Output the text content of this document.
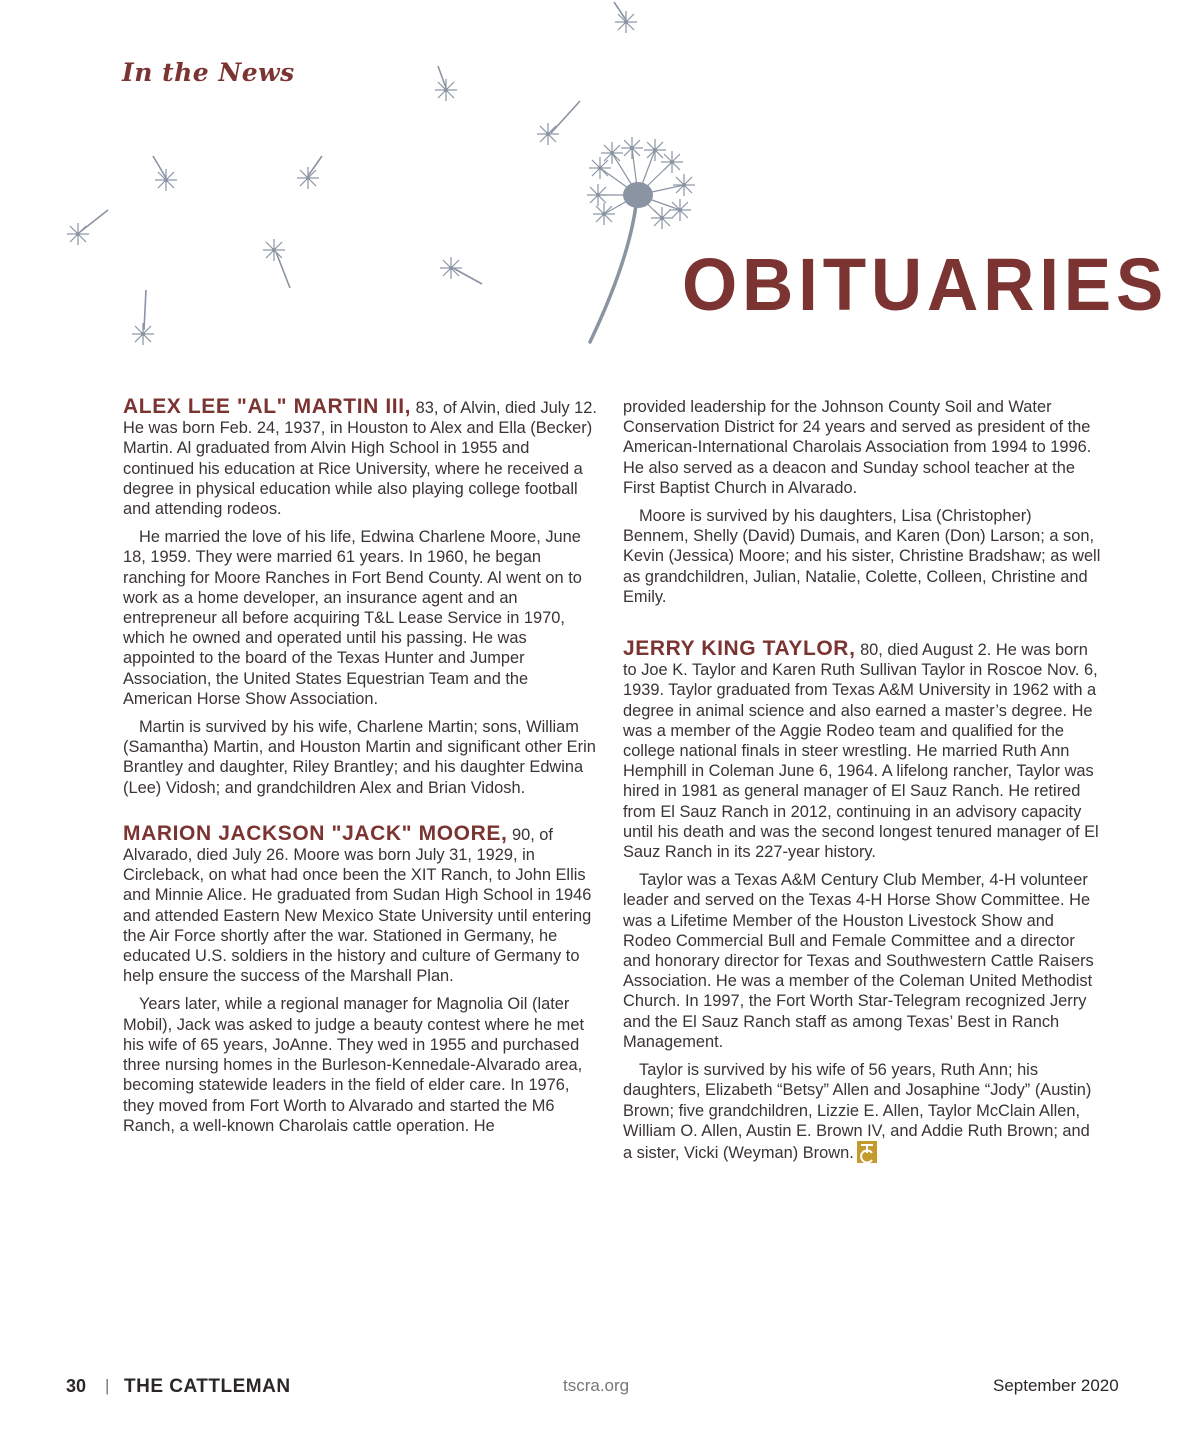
In the News
OBITUARIES

ALEX LEE "AL" MARTIN III, 83, of Alvin, died July 12. He was born Feb. 24, 1937, in Houston to Alex and Ella (Becker) Martin. Al graduated from Alvin High School in 1955 and continued his education at Rice University, where he received a degree in physical education while also playing college football and attending rodeos.

He married the love of his life, Edwina Charlene Moore, June 18, 1959. They were married 61 years. In 1960, he began ranching for Moore Ranches in Fort Bend County. Al went on to work as a home developer, an insurance agent and an entrepreneur all before acquiring T&L Lease Service in 1970, which he owned and operated until his passing. He was appointed to the board of the Texas Hunter and Jumper Association, the United States Equestrian Team and the American Horse Show Association.

Martin is survived by his wife, Charlene Martin; sons, William (Samantha) Martin, and Houston Martin and significant other Erin Brantley and daughter, Riley Brantley; and his daughter Edwina (Lee) Vidosh; and grandchildren Alex and Brian Vidosh.

MARION JACKSON "JACK" MOORE, 90, of Alvarado, died July 26. Moore was born July 31, 1929, in Circleback, on what had once been the XIT Ranch, to John Ellis and Minnie Alice. He graduated from Sudan High School in 1946 and attended Eastern New Mexico State University until entering the Air Force shortly after the war. Stationed in Germany, he educated U.S. soldiers in the history and culture of Germany to help ensure the success of the Marshall Plan.

Years later, while a regional manager for Magnolia Oil (later Mobil), Jack was asked to judge a beauty contest where he met his wife of 65 years, JoAnne. They wed in 1955 and purchased three nursing homes in the Burleson-Kennedale-Alvarado area, becoming statewide leaders in the field of elder care. In 1976, they moved from Fort Worth to Alvarado and started the M6 Ranch, a well-known Charolais cattle operation. He

provided leadership for the Johnson County Soil and Water Conservation District for 24 years and served as president of the American-International Charolais Association from 1994 to 1996. He also served as a deacon and Sunday school teacher at the First Baptist Church in Alvarado.

Moore is survived by his daughters, Lisa (Christopher) Bennem, Shelly (David) Dumais, and Karen (Don) Larson; a son, Kevin (Jessica) Moore; and his sister, Christine Bradshaw; as well as grandchildren, Julian, Natalie, Colette, Colleen, Christine and Emily.

JERRY KING TAYLOR, 80, died August 2. He was born to Joe K. Taylor and Karen Ruth Sullivan Taylor in Roscoe Nov. 6, 1939. Taylor graduated from Texas A&M University in 1962 with a degree in animal science and also earned a master’s degree. He was a member of the Aggie Rodeo team and qualified for the college national finals in steer wrestling. He married Ruth Ann Hemphill in Coleman June 6, 1964. A lifelong rancher, Taylor was hired in 1981 as general manager of El Sauz Ranch. He retired from El Sauz Ranch in 2012, continuing in an advisory capacity until his death and was the second longest tenured manager of El Sauz Ranch in its 227-year history.

Taylor was a Texas A&M Century Club Member, 4-H volunteer leader and served on the Texas 4-H Horse Show Committee. He was a Lifetime Member of the Houston Livestock Show and Rodeo Commercial Bull and Female Committee and a director and honorary director for Texas and Southwestern Cattle Raisers Association. He was a member of the Coleman United Methodist Church. In 1997, the Fort Worth Star-Telegram recognized Jerry and the El Sauz Ranch staff as among Texas’ Best in Ranch Management.

Taylor is survived by his wife of 56 years, Ruth Ann; his daughters, Elizabeth “Betsy” Allen and Josaphine “Jody” (Austin) Brown; five grandchildren, Lizzie E. Allen, Taylor McClain Allen, William O. Allen, Austin E. Brown IV, and Addie Ruth Brown; and a sister, Vicki (Weyman) Brown.

30 | THE CATTLEMAN	tscra.org	September 2020
